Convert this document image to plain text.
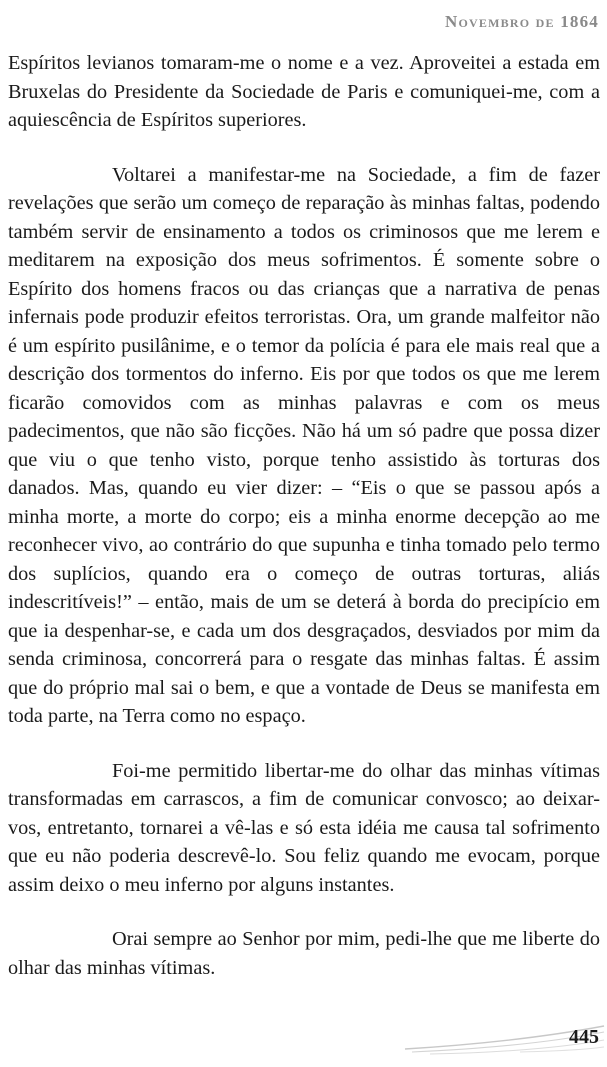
Novembro de 1864

Espíritos levianos tomaram-me o nome e a vez. Aproveitei a estada em Bruxelas do Presidente da Sociedade de Paris e comuniquei-me, com a aquiescência de Espíritos superiores.

Voltarei a manifestar-me na Sociedade, a fim de fazer revelações que serão um começo de reparação às minhas faltas, podendo também servir de ensinamento a todos os criminosos que me lerem e meditarem na exposição dos meus sofrimentos. É somente sobre o Espírito dos homens fracos ou das crianças que a narrativa de penas infernais pode produzir efeitos terroristas. Ora, um grande malfeitor não é um espírito pusilânime, e o temor da polícia é para ele mais real que a descrição dos tormentos do inferno. Eis por que todos os que me lerem ficarão comovidos com as minhas palavras e com os meus padecimentos, que não são ficções. Não há um só padre que possa dizer que viu o que tenho visto, porque tenho assistido às torturas dos danados. Mas, quando eu vier dizer: – “Eis o que se passou após a minha morte, a morte do corpo; eis a minha enorme decepção ao me reconhecer vivo, ao contrário do que supunha e tinha tomado pelo termo dos suplícios, quando era o começo de outras torturas, aliás indescritíveis!” – então, mais de um se deterá à borda do precipício em que ia despenhar-se, e cada um dos desgraçados, desviados por mim da senda criminosa, concorrerá para o resgate das minhas faltas. É assim que do próprio mal sai o bem, e que a vontade de Deus se manifesta em toda parte, na Terra como no espaço.

Foi-me permitido libertar-me do olhar das minhas vítimas transformadas em carrascos, a fim de comunicar convosco; ao deixar-vos, entretanto, tornarei a vê-las e só esta idéia me causa tal sofrimento que eu não poderia descrevê-lo. Sou feliz quando me evocam, porque assim deixo o meu inferno por alguns instantes.

Orai sempre ao Senhor por mim, pedi-lhe que me liberte do olhar das minhas vítimas.

445
